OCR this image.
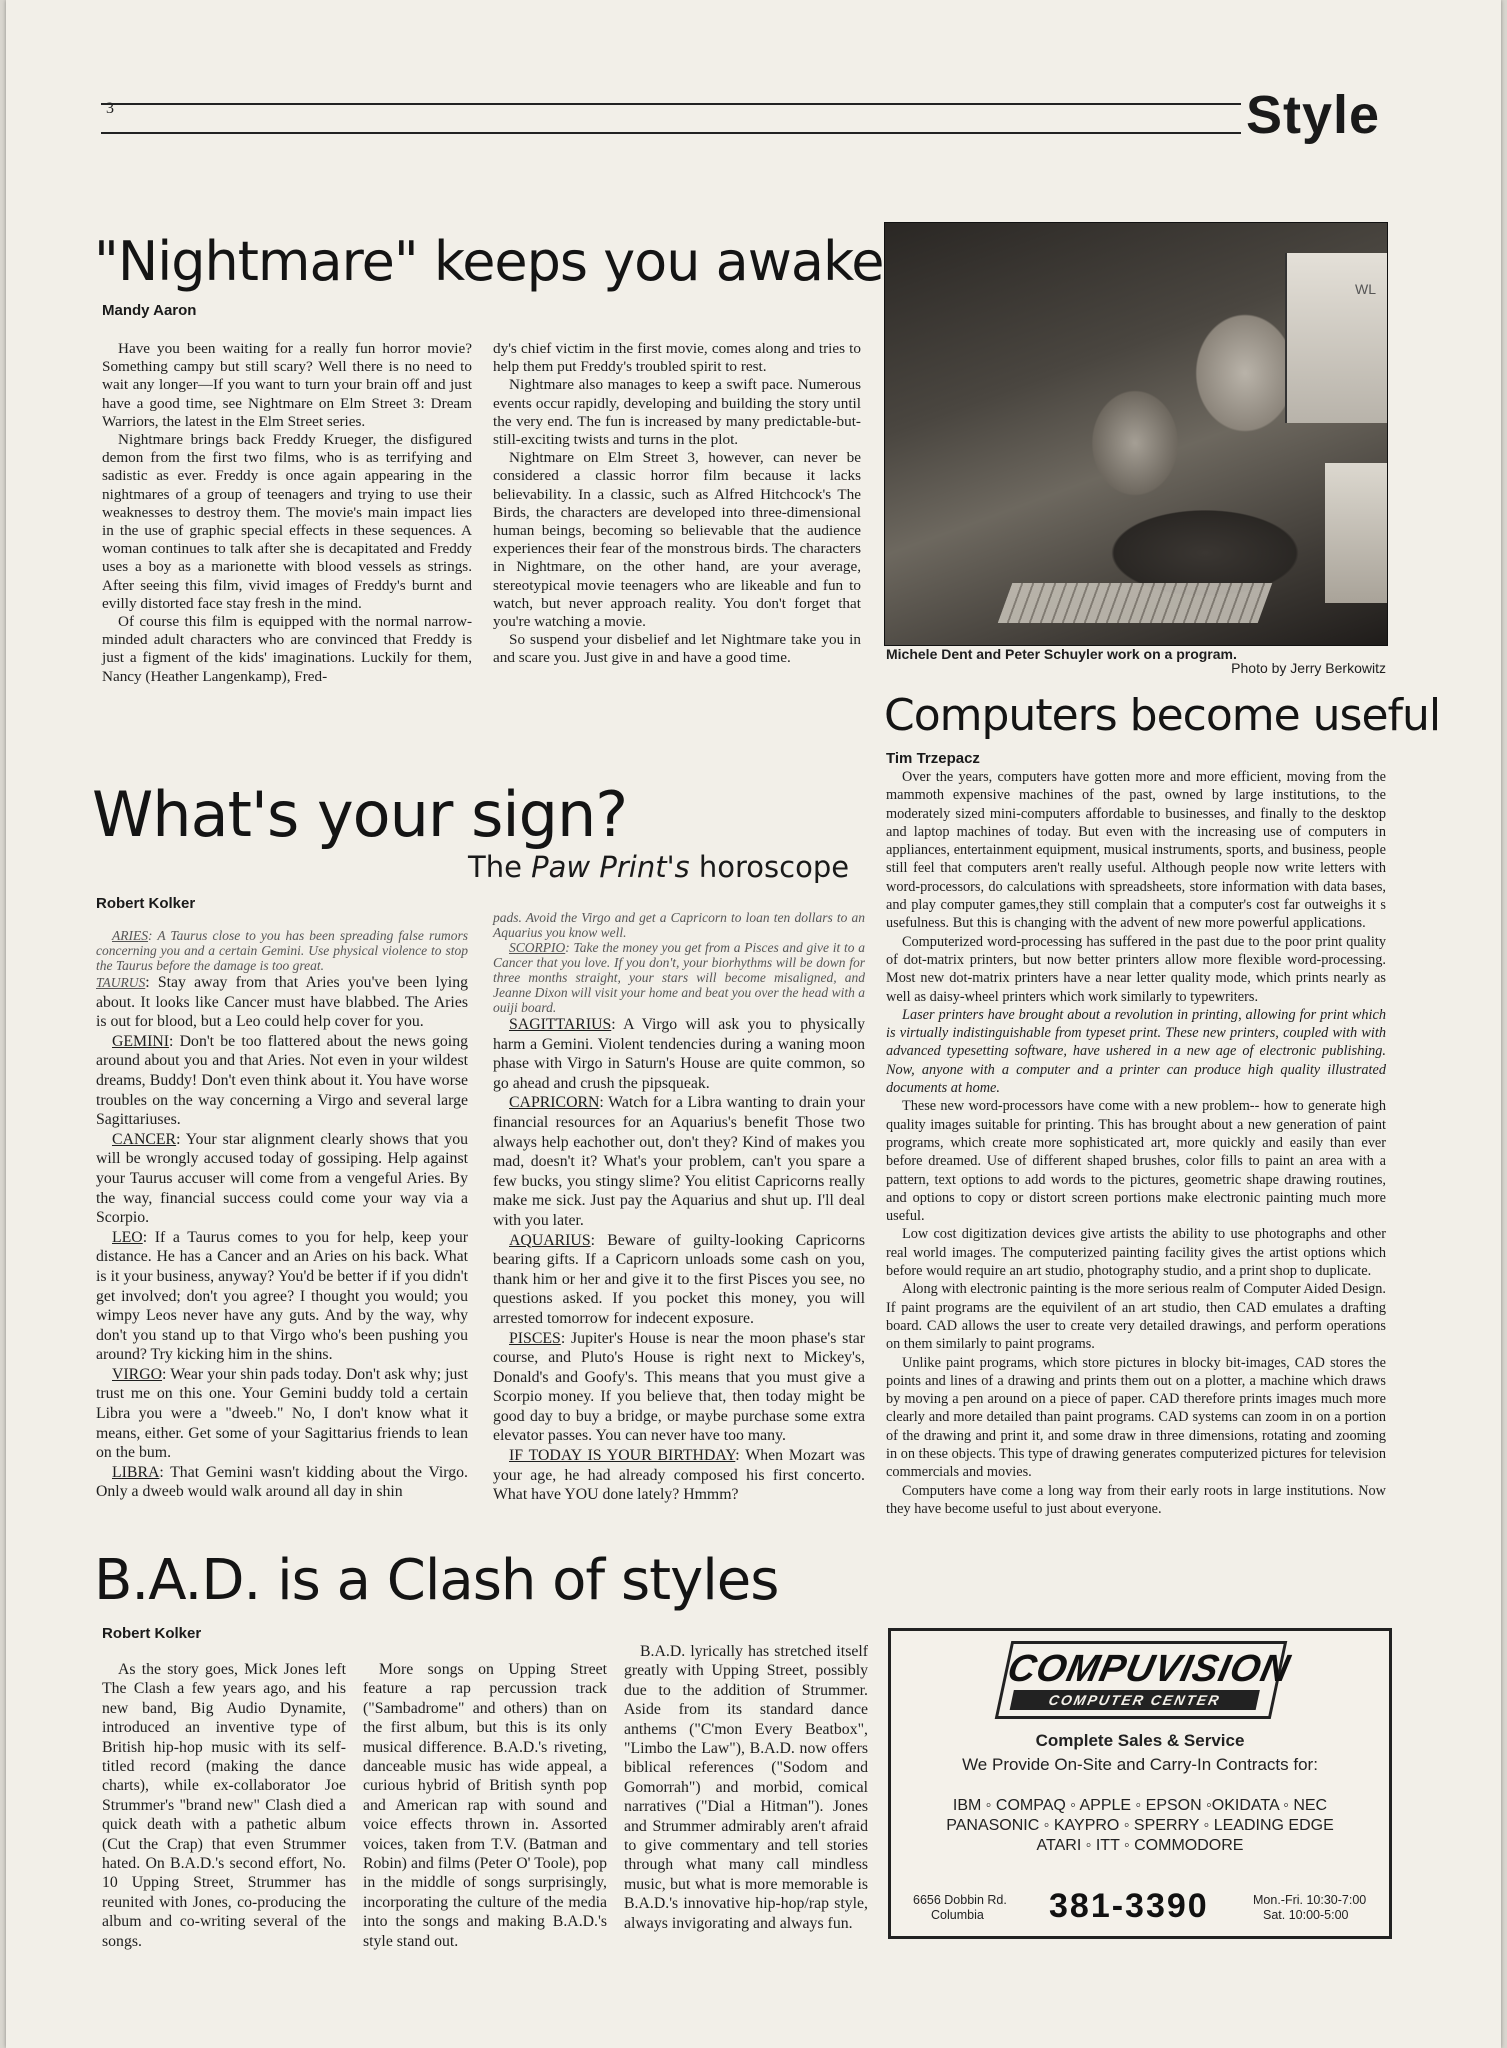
3	Style
"Nightmare" keeps you awake
Mandy Aaron

Have you been waiting for a really fun horror movie? Something campy but still scary? Well there is no need to wait any longer—If you want to turn your brain off and just have a good time, see Nightmare on Elm Street 3: Dream Warriors, the latest in the Elm Street series.

Nightmare brings back Freddy Krueger, the disfigured demon from the first two films, who is as terrifying and sadistic as ever. Freddy is once again appearing in the nightmares of a group of teenagers and trying to use their weaknesses to destroy them. The movie's main impact lies in the use of graphic special effects in these sequences. A woman continues to talk after she is decapitated and Freddy uses a boy as a marionette with blood vessels as strings. After seeing this film, vivid images of Freddy's burnt and evilly distorted face stay fresh in the mind.

Of course this film is equipped with the normal narrow-minded adult characters who are convinced that Freddy is just a figment of the kids' imaginations. Luckily for them, Nancy (Heather Langenkamp), Fred-

dy's chief victim in the first movie, comes along and tries to help them put Freddy's troubled spirit to rest.

Nightmare also manages to keep a swift pace. Numerous events occur rapidly, developing and building the story until the very end. The fun is increased by many predictable-but-still-exciting twists and turns in the plot.

Nightmare on Elm Street 3, however, can never be considered a classic horror film because it lacks believability. In a classic, such as Alfred Hitchcock's The Birds, the characters are developed into three-dimensional human beings, becoming so believable that the audience experiences their fear of the monstrous birds. The characters in Nightmare, on the other hand, are your average, stereotypical movie teenagers who are likeable and fun to watch, but never approach reality. You don't forget that you're watching a movie.

So suspend your disbelief and let Nightmare take you in and scare you. Just give in and have a good time.

WL
Michele Dent and Peter Schuyler work on a program.
Photo by Jerry Berkowitz
Computers become useful
Tim Trzepacz

Over the years, computers have gotten more and more efficient, moving from the mammoth expensive machines of the past, owned by large institutions, to the moderately sized mini-computers affordable to businesses, and finally to the desktop and laptop machines of today. But even with the increasing use of computers in appliances, entertainment equipment, musical instruments, sports, and business, people still feel that computers aren't really useful. Although people now write letters with word-processors, do calculations with spreadsheets, store information with data bases, and play computer games,they still complain that a computer's cost far outweighs it s usefulness. But this is changing with the advent of new more powerful applications.

Computerized word-processing has suffered in the past due to the poor print quality of dot-matrix printers, but now better printers allow more flexible word-processing. Most new dot-matrix printers have a near letter quality mode, which prints nearly as well as daisy-wheel printers which work similarly to typewriters.

Laser printers have brought about a revolution in printing, allowing for print which is virtually indistinguishable from typeset print. These new printers, coupled with with advanced typesetting software, have ushered in a new age of electronic publishing. Now, anyone with a computer and a printer can produce high quality illustrated documents at home.

These new word-processors have come with a new problem-- how to generate high quality images suitable for printing. This has brought about a new generation of paint programs, which create more sophisticated art, more quickly and easily than ever before dreamed. Use of different shaped brushes, color fills to paint an area with a pattern, text options to add words to the pictures, geometric shape drawing routines, and options to copy or distort screen portions make electronic painting much more useful.

Low cost digitization devices give artists the ability to use photographs and other real world images. The computerized painting facility gives the artist options which before would require an art studio, photography studio, and a print shop to duplicate.

Along with electronic painting is the more serious realm of Computer Aided Design. If paint programs are the equivilent of an art studio, then CAD emulates a drafting board. CAD allows the user to create very detailed drawings, and perform operations on them similarly to paint programs.

Unlike paint programs, which store pictures in blocky bit-images, CAD stores the points and lines of a drawing and prints them out on a plotter, a machine which draws by moving a pen around on a piece of paper. CAD therefore prints images much more clearly and more detailed than paint programs. CAD systems can zoom in on a portion of the drawing and print it, and some draw in three dimensions, rotating and zooming in on these objects. This type of drawing generates computerized pictures for television commercials and movies.

Computers have come a long way from their early roots in large institutions. Now they have become useful to just about everyone.

What's your sign?
The Paw Print's horoscope
Robert Kolker

ARIES: A Taurus close to you has been spreading false rumors concerning you and a certain Gemini. Use physical violence to stop the Taurus before the damage is too great.

TAURUS: Stay away from that Aries you've been lying about. It looks like Cancer must have blabbed. The Aries is out for blood, but a Leo could help cover for you.

GEMINI: Don't be too flattered about the news going around about you and that Aries. Not even in your wildest dreams, Buddy! Don't even think about it. You have worse troubles on the way concerning a Virgo and several large Sagittariuses.

CANCER: Your star alignment clearly shows that you will be wrongly accused today of gossiping. Help against your Taurus accuser will come from a vengeful Aries. By the way, financial success could come your way via a Scorpio.

LEO: If a Taurus comes to you for help, keep your distance. He has a Cancer and an Aries on his back. What is it your business, anyway? You'd be better if if you didn't get involved; don't you agree? I thought you would; you wimpy Leos never have any guts. And by the way, why don't you stand up to that Virgo who's been pushing you around? Try kicking him in the shins.

VIRGO: Wear your shin pads today. Don't ask why; just trust me on this one. Your Gemini buddy told a certain Libra you were a "dweeb." No, I don't know what it means, either. Get some of your Sagittarius friends to lean on the bum.

LIBRA: That Gemini wasn't kidding about the Virgo. Only a dweeb would walk around all day in shin

pads. Avoid the Virgo and get a Capricorn to loan ten dollars to an Aquarius you know well.

SCORPIO: Take the money you get from a Pisces and give it to a Cancer that you love. If you don't, your biorhythms will be down for three months straight, your stars will become misaligned, and Jeanne Dixon will visit your home and beat you over the head with a ouiji board.

SAGITTARIUS: A Virgo will ask you to physically harm a Gemini. Violent tendencies during a waning moon phase with Virgo in Saturn's House are quite common, so go ahead and crush the pipsqueak.

CAPRICORN: Watch for a Libra wanting to drain your financial resources for an Aquarius's benefit Those two always help eachother out, don't they? Kind of makes you mad, doesn't it? What's your problem, can't you spare a few bucks, you stingy slime? You elitist Capricorns really make me sick. Just pay the Aquarius and shut up. I'll deal with you later.

AQUARIUS: Beware of guilty-looking Capricorns bearing gifts. If a Capricorn unloads some cash on you, thank him or her and give it to the first Pisces you see, no questions asked. If you pocket this money, you will arrested tomorrow for indecent exposure.

PISCES: Jupiter's House is near the moon phase's star course, and Pluto's House is right next to Mickey's, Donald's and Goofy's. This means that you must give a Scorpio money. If you believe that, then today might be good day to buy a bridge, or maybe purchase some extra elevator passes. You can never have too many.

IF TODAY IS YOUR BIRTHDAY: When Mozart was your age, he had already composed his first concerto. What have YOU done lately? Hmmm?

B.A.D. is a Clash of styles
Robert Kolker

As the story goes, Mick Jones left The Clash a few years ago, and his new band, Big Audio Dynamite, introduced an inventive type of British hip-hop music with its self-titled record (making the dance charts), while ex-collaborator Joe Strummer's "brand new" Clash died a quick death with a pathetic album (Cut the Crap) that even Strummer hated. On B.A.D.'s second effort, No. 10 Upping Street, Strummer has reunited with Jones, co-producing the album and co-writing several of the songs.

More songs on Upping Street feature a rap percussion track ("Sambadrome" and others) than on the first album, but this is its only musical difference. B.A.D.'s riveting, danceable music has wide appeal, a curious hybrid of British synth pop and American rap with sound and voice effects thrown in. Assorted voices, taken from T.V. (Batman and Robin) and films (Peter O' Toole), pop in the middle of songs surprisingly, incorporating the culture of the media into the songs and making B.A.D.'s style stand out.

B.A.D. lyrically has stretched itself greatly with Upping Street, possibly due to the addition of Strummer. Aside from its standard dance anthems ("C'mon Every Beatbox", "Limbo the Law"), B.A.D. now offers biblical references ("Sodom and Gomorrah") and morbid, comical narratives ("Dial a Hitman"). Jones and Strummer admirably aren't afraid to give commentary and tell stories through what many call mindless music, but what is more memorable is B.A.D.'s innovative hip-hop/rap style, always invigorating and always fun.

COMPUVISION
COMPUTER CENTER
Complete Sales & Service
We Provide On-Site and Carry-In Contracts for:
IBM ◦ COMPAQ ◦ APPLE ◦ EPSON ◦OKIDATA ◦ NEC
PANASONIC ◦ KAYPRO ◦ SPERRY ◦ LEADING EDGE
ATARI ◦ ITT ◦ COMMODORE
6656 Dobbin Rd.
Columbia	381-3390	Mon.-Fri. 10:30-7:00
Sat. 10:00-5:00
